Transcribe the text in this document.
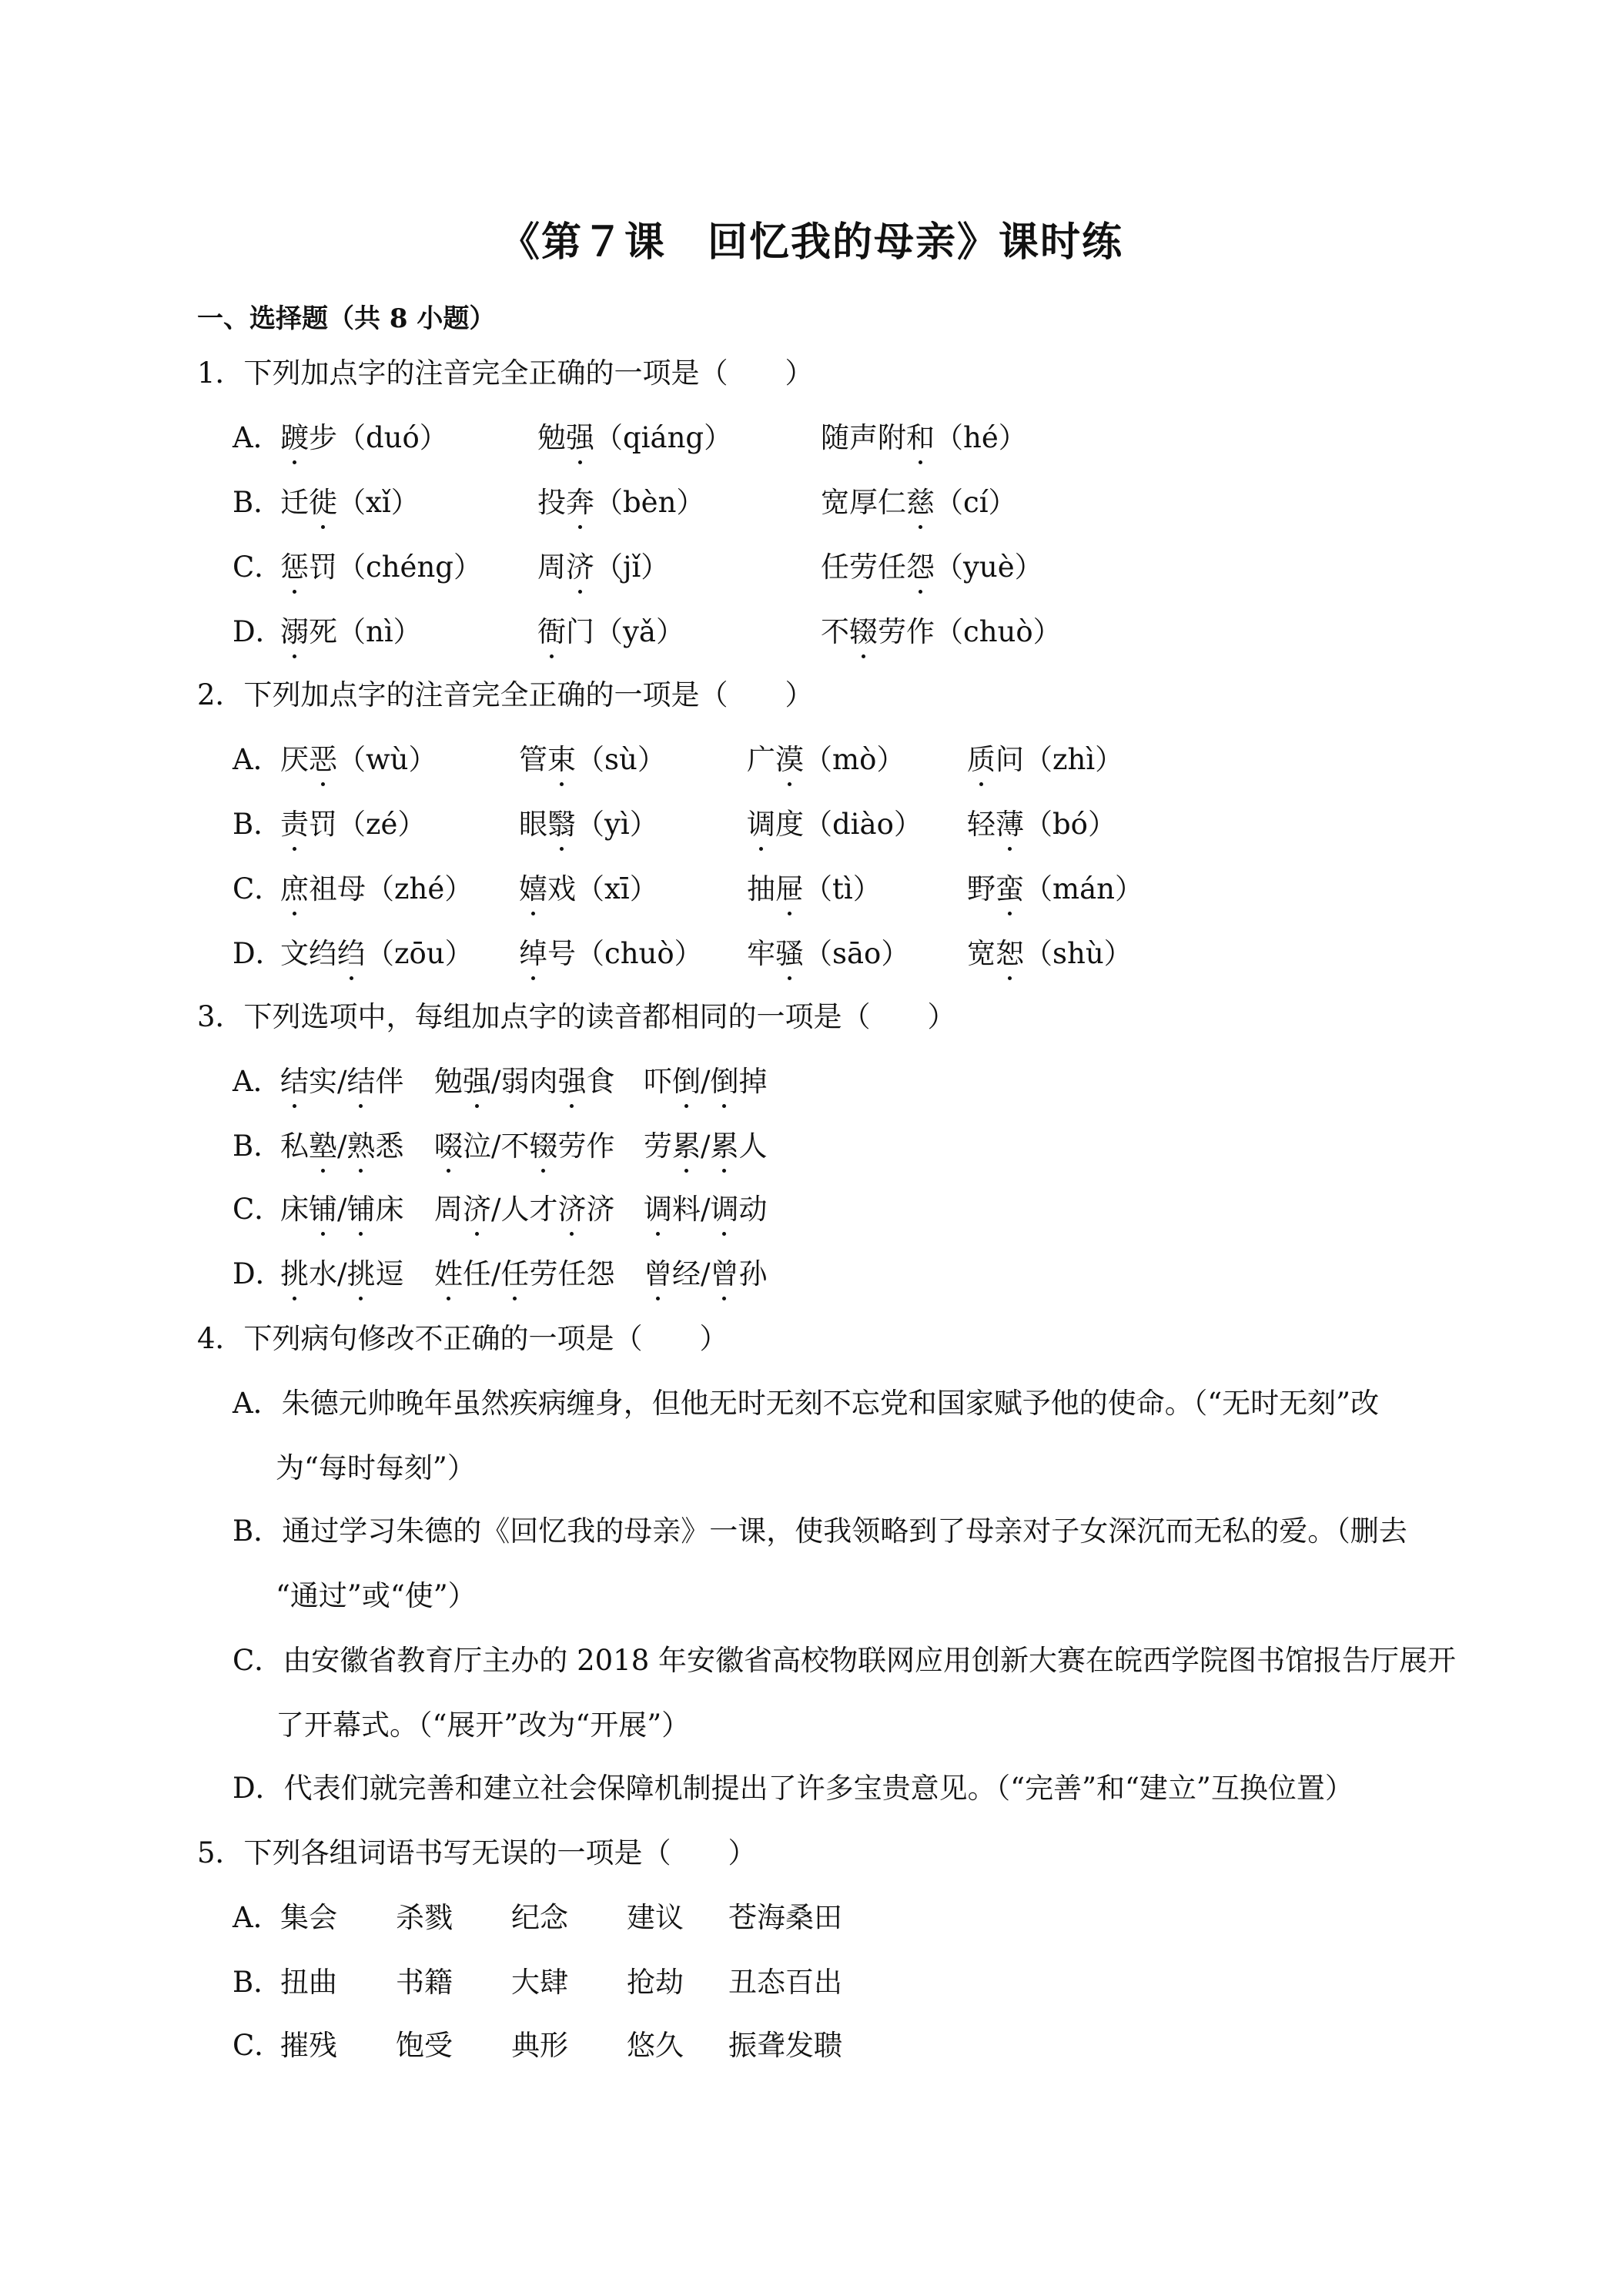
《第７课　回忆我的母亲》课时练
一、选择题（共 8 小题）
1．下列加点字的注音完全正确的一项是（　　）
A．
踱步（duó）	勉强（qiáng）	随声附和（hé）
B．
迁徙（xǐ）	投奔（bèn）	宽厚仁慈（cí）
C．
惩罚（chéng） 周济（jǐ）	任劳任怨（yuè）
D．
溺死（nì）	衙门（yǎ）	不辍劳作（chuò）
2．下列加点字的注音完全正确的一项是（　　）
A．
厌恶（wù）	管束（sù）	广漠（mò） 质问（zhì）
B．
责罚（zé）	眼翳（yì）	调度（diào） 轻薄（bó）
C．
庶祖母（zhé） 嬉戏（xī）	抽屉（tì）	野蛮（mán）
D．
文绉绉（zōu） 绰号（chuò） 牢骚（sāo） 宽恕（shù）
3．下列选项中，每组加点字的读音都相同的一项是（　　）
A．
结实/结伴 勉强/弱肉强食 吓倒/倒掉
B．
私塾/熟悉 啜泣/不辍劳作 劳累/累人
C．
床铺/铺床 周济/人才济济 调料/调动
D．
挑水/挑逗 姓任/任劳任怨 曾经/曾孙
4．下列病句修改不正确的一项是（　　）
A．朱德元帅晚年虽然疾病缠身，但他无时无刻不忘党和国家赋予他的使命。（“无时无刻”改
为“每时每刻”）
B．通过学习朱德的《回忆我的母亲》一课，使我领略到了母亲对子女深沉而无私的爱。（删去
“通过”或“使”）
C．由安徽省教育厅主办的 2018 年安徽省高校物联网应用创新大赛在皖西学院图书馆报告厅展开
了开幕式。（“展开”改为“开展”）
D．代表们就完善和建立社会保障机制提出了许多宝贵意见。（“完善”和“建立”互换位置）
5．下列各组词语书写无误的一项是（　　）
A．
集会 杀戮 纪念 建议 苍海桑田
B．
扭曲 书籍 大肆 抢劫 丑态百出
C．
摧残 饱受 典形 悠久 振聋发聩
